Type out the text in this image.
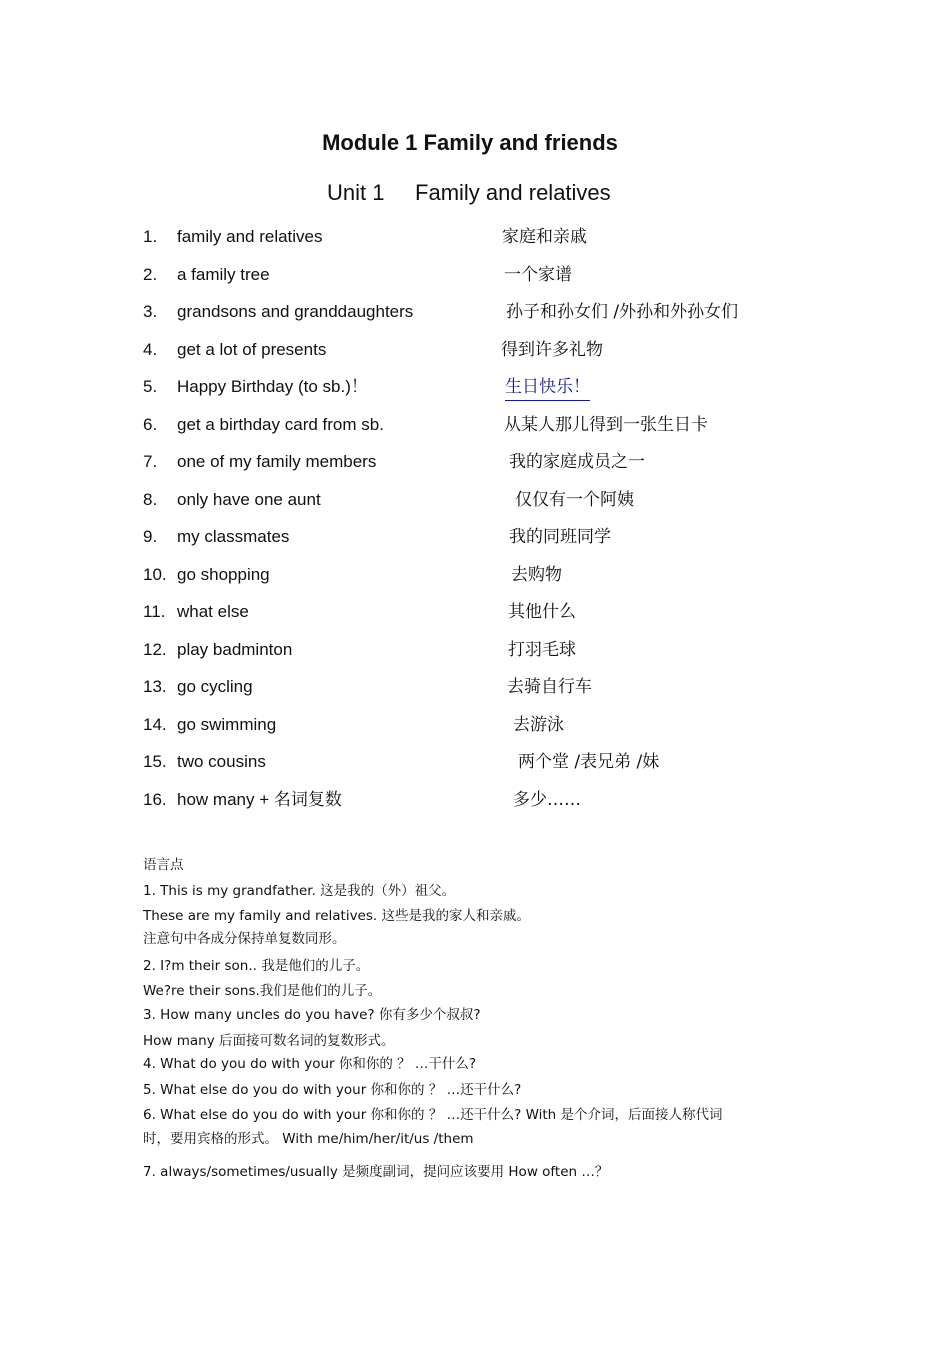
Module 1 Family and friends
Unit 1     Family and relatives
1. family and relatives	家庭和亲戚
2. a family tree	一个家谱
3. grandsons and granddaughters	孙子和孙女们 /外孙和外孙女们
4. get a lot of presents	得到许多礼物
5. Happy Birthday (to sb.)！	生日快乐！
6. get a birthday card from sb.	从某人那儿得到一张生日卡
7. one of my family members	我的家庭成员之一
8. only have one aunt	仅仅有一个阿姨
9. my classmates	我的同班同学
10. go shopping	去购物
11. what else	其他什么
12. play badminton	打羽毛球
13. go cycling	去骑自行车
14. go swimming	去游泳
15. two cousins	两个堂 /表兄弟 /妹
16. how many + 名词复数	多少……
语言点
1. This is my grandfather. 这是我的（外）祖父。
These are my family and relatives. 这些是我的家人和亲戚。
注意句中各成分保持单复数同形。
2. I?m their son.. 我是他们的儿子。
We?re their sons.我们是他们的儿子。
3. How many uncles do you have? 你有多少个叔叔?
How many 后面接可数名词的复数形式。
4. What do you do with your 你和你的 ？ …干什么?
5. What else do you do with your 你和你的 ？ …还干什么?
6. What else do you do with your 你和你的 ？ …还干什么? With 是个介词，后面接人称代词
时，要用宾格的形式。 With me/him/her/it/us /them
7. always/sometimes/usually 是频度副词，提问应该要用 How often …？
